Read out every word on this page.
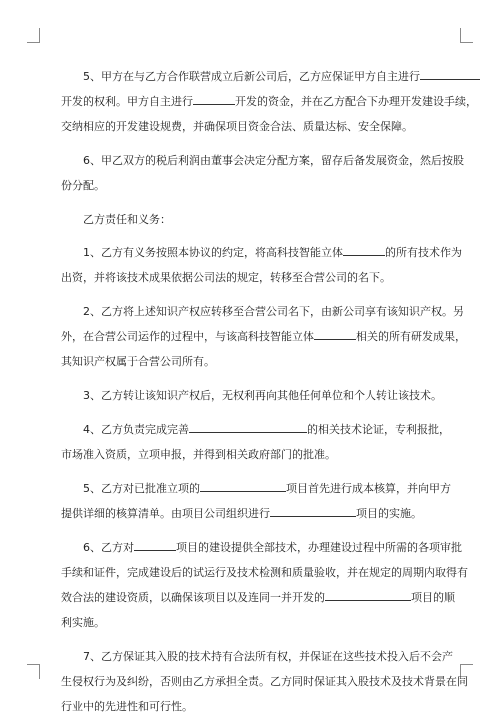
5、甲方在与乙方合作联营成立后新公司后，乙方应保证甲方自主进行
开发的权利。甲方自主进行	开发的资金，并在乙方配合下办理开发建设手续，
交纳相应的开发建设规费，并确保项目资金合法、质量达标、安全保障。
6、甲乙双方的税后利润由董事会决定分配方案，留存后备发展资金，然后按股
份分配。
乙方责任和义务：
1、乙方有义务按照本协议的约定，将高科技智能立体	的所有技术作为
出资，并将该技术成果依据公司法的规定，转移至合营公司的名下。
2、乙方将上述知识产权应转移至合营公司名下，由新公司享有该知识产权。另
外，在合营公司运作的过程中，与该高科技智能立体	相关的所有研发成果，
其知识产权属于合营公司所有。
3、乙方转让该知识产权后，无权利再向其他任何单位和个人转让该技术。
4、乙方负责完成完善	的相关技术论证，专利报批，
市场准入资质，立项申报，并得到相关政府部门的批准。
5、乙方对已批准立项的	项目首先进行成本核算，并向甲方
提供详细的核算清单。由项目公司组织进行	项目的实施。
6、乙方对	项目的建设提供全部技术，办理建设过程中所需的各项审批
手续和证件，完成建设后的试运行及技术检测和质量验收，并在规定的周期内取得有
效合法的建设资质，以确保该项目以及连同一并开发的	项目的顺
利实施。
7、乙方保证其入股的技术持有合法所有权，并保证在这些技术投入后不会产
生侵权行为及纠纷，否则由乙方承担全责。乙方同时保证其入股技术及技术背景在同
行业中的先进性和可行性。
